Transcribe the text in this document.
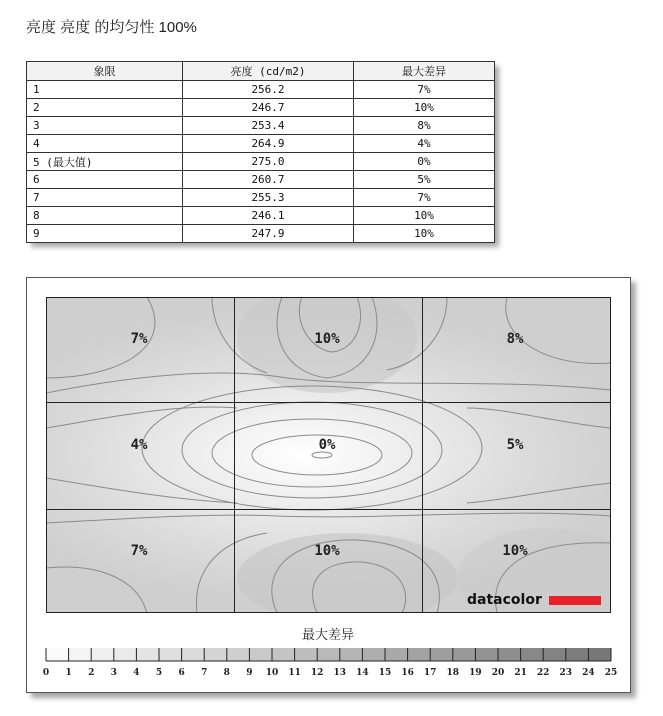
亮度 亮度 的均匀性 100%
象限	亮度 (cd/m2)	最大差异
1	256.2	7%
2	246.7	10%
3	253.4	8%
4	264.9	4%
5 (最大值)	275.0	0%
6	260.7	5%
7	255.3	7%
8	246.1	10%
9	247.9	10%
7%	10%	8%
4%	0%	5%
7%	10%	10%
datacolor
最大差异
0 1 2 3 4 5 6 7 8 9 10 11 12 13 14 15 16 17 18 19 20 21 22 23 24 25
